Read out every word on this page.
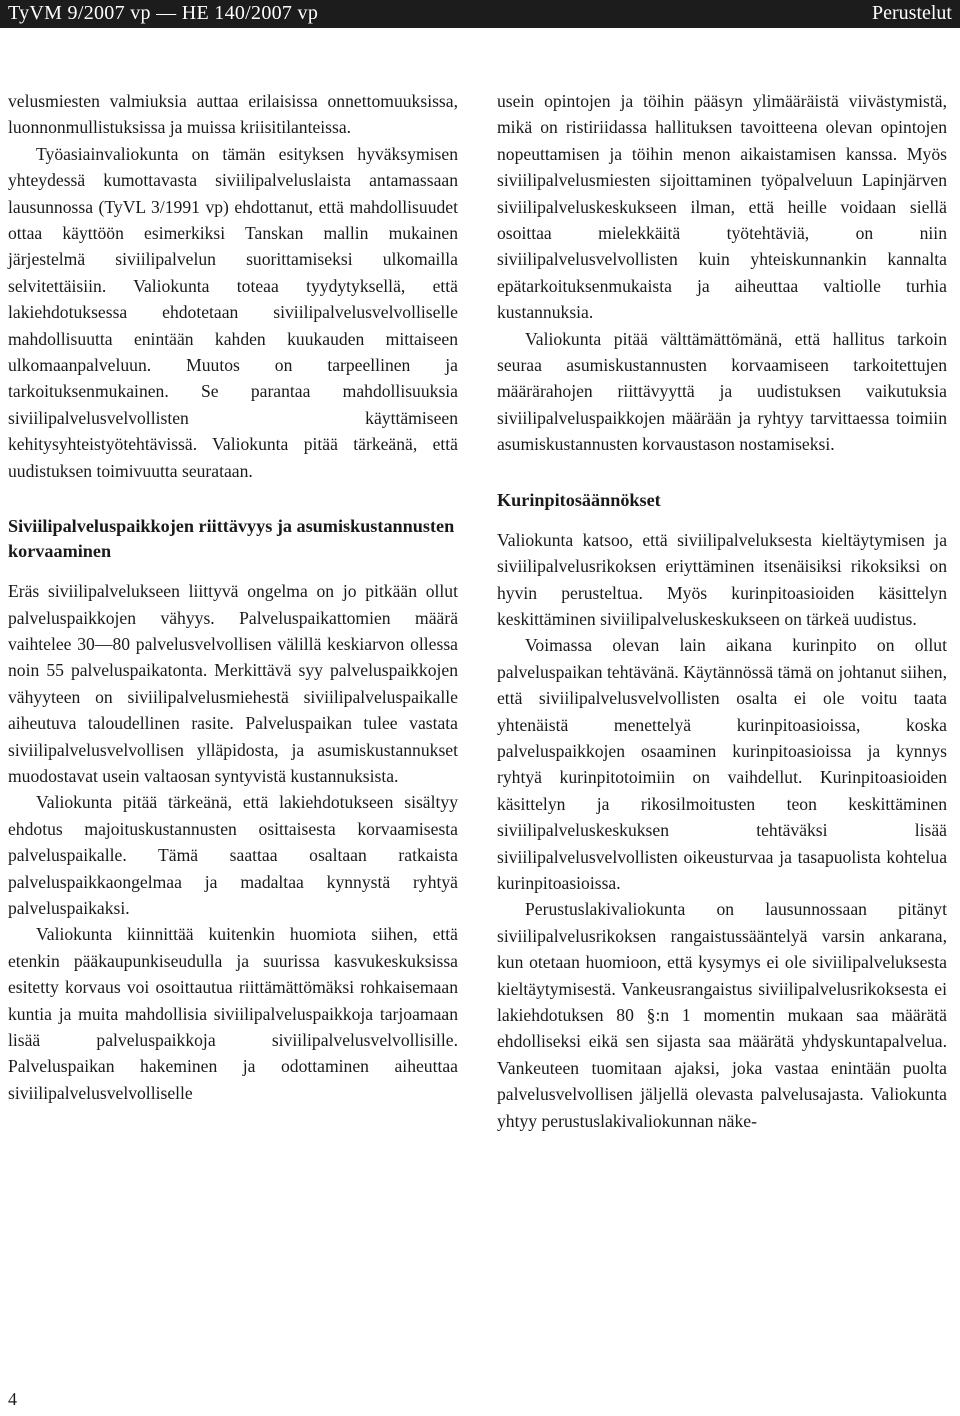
TyVM 9/2007 vp — HE 140/2007 vp	Perustelut

velusmiesten valmiuksia auttaa erilaisissa onnettomuuksissa, luonnonmullistuksissa ja muissa kriisitilanteissa.

Työasiainvaliokunta on tämän esityksen hyväksymisen yhteydessä kumottavasta siviilipalveluslaista antamassaan lausunnossa (TyVL 3/1991 vp) ehdottanut, että mahdollisuudet ottaa käyttöön esimerkiksi Tanskan mallin mukainen järjestelmä siviilipalvelun suorittamiseksi ulkomailla selvitettäisiin. Valiokunta toteaa tyydytyksellä, että lakiehdotuksessa ehdotetaan siviilipalvelusvelvolliselle mahdollisuutta enintään kahden kuukauden mittaiseen ulkomaanpalveluun. Muutos on tarpeellinen ja tarkoituksenmukainen. Se parantaa mahdollisuuksia siviilipalvelusvelvollisten käyttämiseen kehitysyhteistyötehtävissä. Valiokunta pitää tärkeänä, että uudistuksen toimivuutta seurataan.

Siviilipalveluspaikkojen riittävyys ja asumiskustannusten korvaaminen

Eräs siviilipalvelukseen liittyvä ongelma on jo pitkään ollut palveluspaikkojen vähyys. Palveluspaikattomien määrä vaihtelee 30—80 palvelusvelvollisen välillä keskiarvon ollessa noin 55 palveluspaikatonta. Merkittävä syy palveluspaikkojen vähyyteen on siviilipalvelusmiehestä siviilipalveluspaikalle aiheutuva taloudellinen rasite. Palveluspaikan tulee vastata siviilipalvelusvelvollisen ylläpidosta, ja asumiskustannukset muodostavat usein valtaosan syntyvistä kustannuksista.

Valiokunta pitää tärkeänä, että lakiehdotukseen sisältyy ehdotus majoituskustannusten osittaisesta korvaamisesta palveluspaikalle. Tämä saattaa osaltaan ratkaista palveluspaikkaongelmaa ja madaltaa kynnystä ryhtyä palveluspaikaksi.

Valiokunta kiinnittää kuitenkin huomiota siihen, että etenkin pääkaupunkiseudulla ja suurissa kasvukeskuksissa esitetty korvaus voi osoittautua riittämättömäksi rohkaisemaan kuntia ja muita mahdollisia siviilipalveluspaikkoja tarjoamaan lisää palveluspaikkoja siviilipalvelusvelvollisille. Palveluspaikan hakeminen ja odottaminen aiheuttaa siviilipalvelusvelvolliselle

usein opintojen ja töihin pääsyn ylimääräistä viivästymistä, mikä on ristiriidassa hallituksen tavoitteena olevan opintojen nopeuttamisen ja töihin menon aikaistamisen kanssa. Myös siviilipalvelusmiesten sijoittaminen työpalveluun Lapinjärven siviilipalveluskeskukseen ilman, että heille voidaan siellä osoittaa mielekkäitä työtehtäviä, on niin siviilipalvelusvelvollisten kuin yhteiskunnankin kannalta epätarkoituksenmukaista ja aiheuttaa valtiolle turhia kustannuksia.

Valiokunta pitää välttämättömänä, että hallitus tarkoin seuraa asumiskustannusten korvaamiseen tarkoitettujen määrärahojen riittävyyttä ja uudistuksen vaikutuksia siviilipalveluspaikkojen määrään ja ryhtyy tarvittaessa toimiin asumiskustannusten korvaustason nostamiseksi.

Kurinpitosäännökset

Valiokunta katsoo, että siviilipalveluksesta kieltäytymisen ja siviilipalvelusrikoksen eriyttäminen itsenäisiksi rikoksiksi on hyvin perusteltua. Myös kurinpitoasioiden käsittelyn keskittäminen siviilipalveluskeskukseen on tärkeä uudistus.

Voimassa olevan lain aikana kurinpito on ollut palveluspaikan tehtävänä. Käytännössä tämä on johtanut siihen, että siviilipalvelusvelvollisten osalta ei ole voitu taata yhtenäistä menettelyä kurinpitoasioissa, koska palveluspaikkojen osaaminen kurinpitoasioissa ja kynnys ryhtyä kurinpitotoimiin on vaihdellut. Kurinpitoasioiden käsittelyn ja rikosilmoitusten teon keskittäminen siviilipalveluskeskuksen tehtäväksi lisää siviilipalvelusvelvollisten oikeusturvaa ja tasapuolista kohtelua kurinpitoasioissa.

Perustuslakivaliokunta on lausunnossaan pitänyt siviilipalvelusrikoksen rangaistussääntelyä varsin ankarana, kun otetaan huomioon, että kysymys ei ole siviilipalveluksesta kieltäytymisestä. Vankeusrangaistus siviilipalvelusrikoksesta ei lakiehdotuksen 80 §:n 1 momentin mukaan saa määrätä ehdolliseksi eikä sen sijasta saa määrätä yhdyskuntapalvelua. Vankeuteen tuomitaan ajaksi, joka vastaa enintään puolta palvelusvelvollisen jäljellä olevasta palvelusajasta. Valiokunta yhtyy perustuslakivaliokunnan näke-

4
